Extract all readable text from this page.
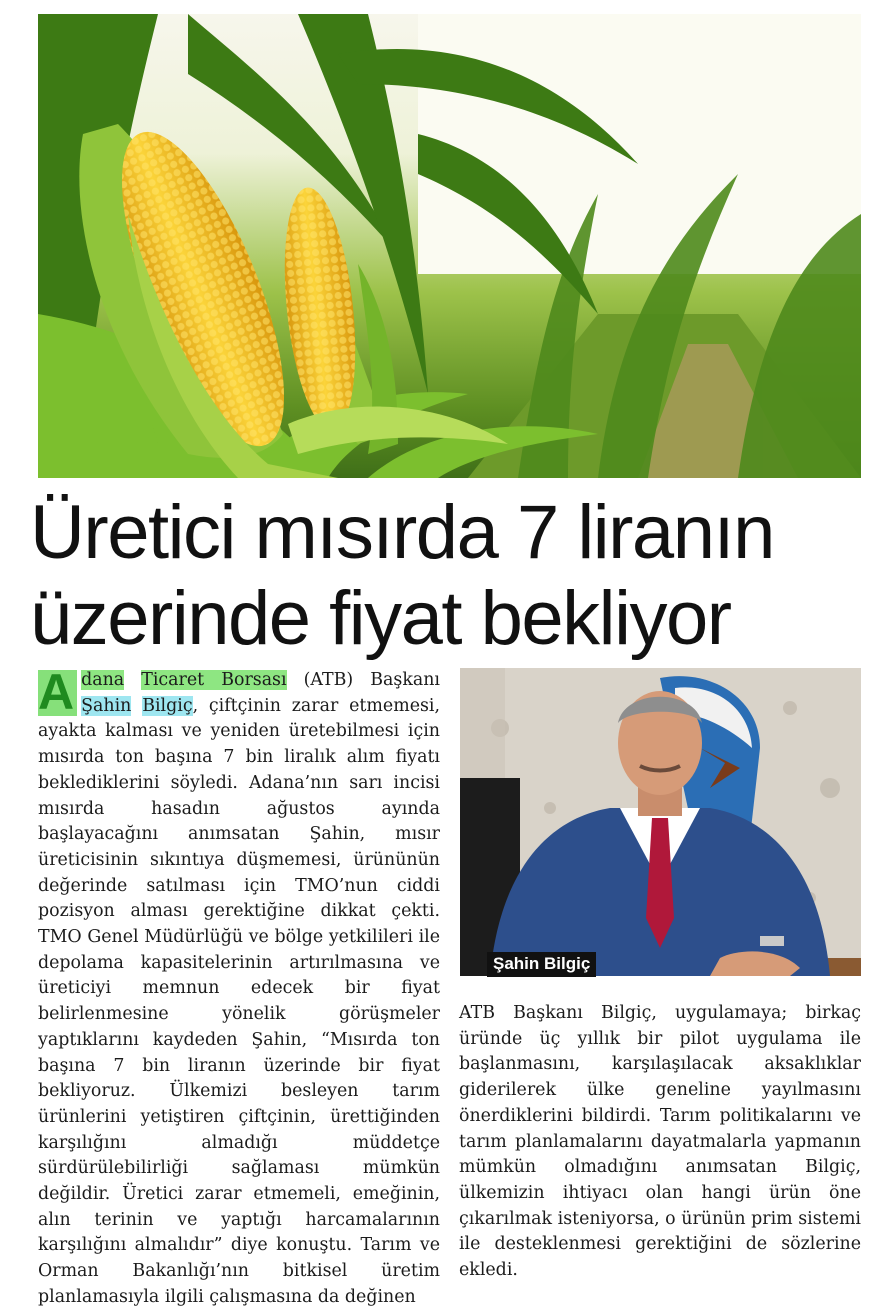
Üretici mısırda 7 liranın üzerinde fiyat bekliyor
A dana Ticaret Borsası (ATB) Başkanı Şahin Bilgiç, çiftçinin zarar etmemesi, ayakta kalması ve yeniden üretebilmesi için mısırda ton başına 7 bin liralık alım fiyatı beklediklerini söyledi. Adana’nın sarı incisi mısırda hasadın ağustos ayında başlayacağını anımsatan Şahin, mısır üreticisinin sıkıntıya düşmemesi, ürününün değerinde satılması için TMO’nun ciddi pozisyon alması gerektiğine dikkat çekti. TMO Genel Müdürlüğü ve bölge yetkilileri ile depolama kapasitelerinin artırılmasına ve üreticiyi memnun edecek bir fiyat belirlenmesine yönelik görüşmeler yaptıklarını kaydeden Şahin, “Mısırda ton başına 7 bin liranın üzerinde bir fiyat bekliyoruz. Ülkemizi besleyen tarım ürünlerini yetiştiren çiftçinin, ürettiğinden karşılığını almadığı müddetçe sürdürülebilirliği sağlaması mümkün değildir. Üretici zarar etmemeli, emeğinin, alın terinin ve yaptığı harcamalarının karşılığını almalıdır” diye konuştu. Tarım ve Orman Bakanlığı’nın bitkisel üretim planlamasıyla ilgili çalışmasına da değinen
Şahin Bilgiç
ATB Başkanı Bilgiç, uygulamaya; birkaç üründe üç yıllık bir pilot uygulama ile başlanmasını, karşılaşılacak aksaklıklar giderilerek ülke geneline yayılmasını önerdiklerini bildirdi. Tarım politikalarını ve tarım planlamalarını dayatmalarla yapmanın mümkün olmadığını anımsatan Bilgiç, ülkemizin ihtiyacı olan hangi ürün öne çıkarılmak isteniyorsa, o ürünün prim sistemi ile desteklenmesi gerektiğini de sözlerine ekledi.
